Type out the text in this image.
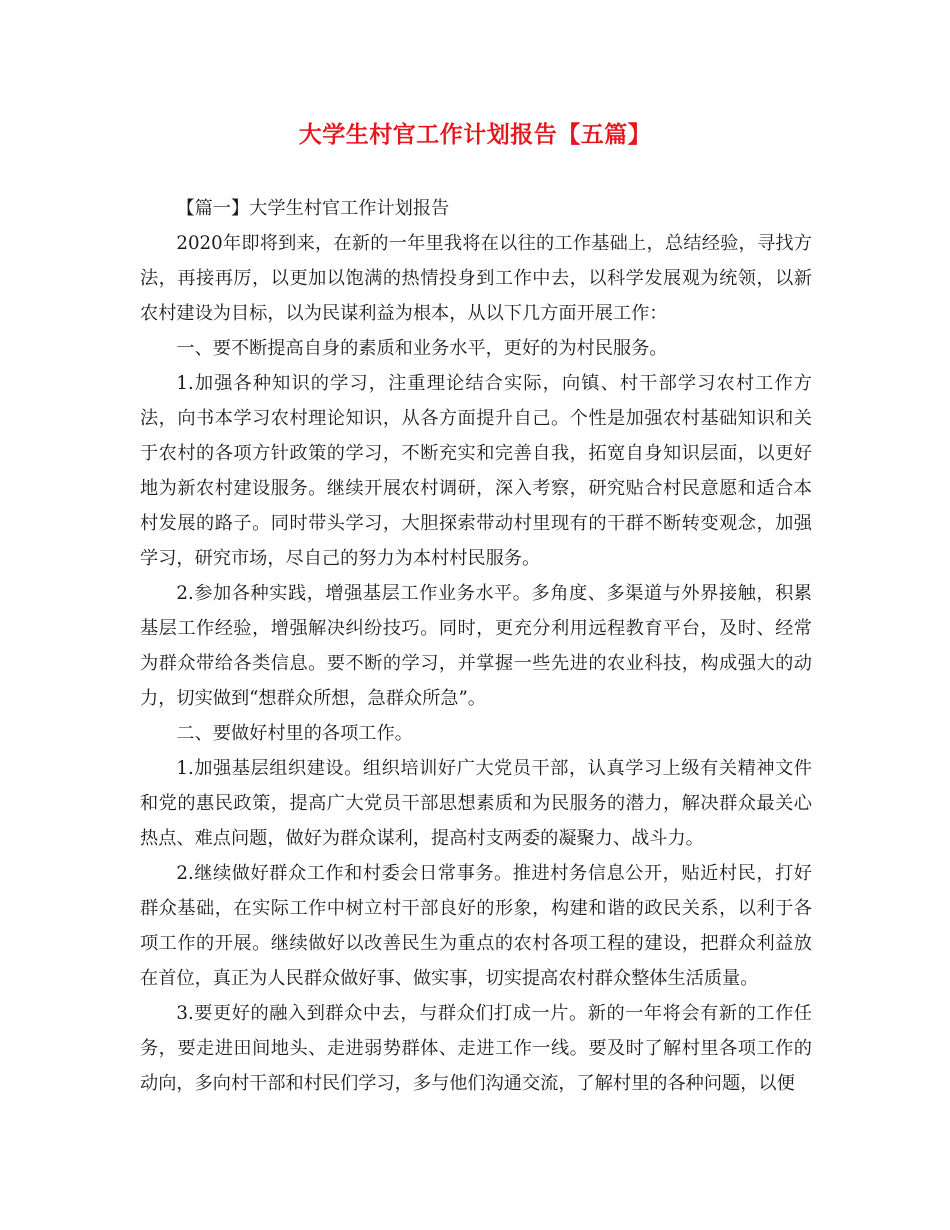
大学生村官工作计划报告【五篇】

【篇一】大学生村官工作计划报告

2020年即将到来，在新的一年里我将在以往的工作基础上，总结经验，寻找方法，再接再厉，以更加以饱满的热情投身到工作中去，以科学发展观为统领，以新农村建设为目标，以为民谋利益为根本，从以下几方面开展工作：

一、要不断提高自身的素质和业务水平，更好的为村民服务。

1.加强各种知识的学习，注重理论结合实际，向镇、村干部学习农村工作方法，向书本学习农村理论知识，从各方面提升自己。个性是加强农村基础知识和关于农村的各项方针政策的学习，不断充实和完善自我，拓宽自身知识层面，以更好地为新农村建设服务。继续开展农村调研，深入考察，研究贴合村民意愿和适合本村发展的路子。同时带头学习，大胆探索带动村里现有的干群不断转变观念，加强学习，研究市场，尽自己的努力为本村村民服务。

2.参加各种实践，增强基层工作业务水平。多角度、多渠道与外界接触，积累基层工作经验，增强解决纠纷技巧。同时，更充分利用远程教育平台，及时、经常为群众带给各类信息。要不断的学习，并掌握一些先进的农业科技，构成强大的动力，切实做到“想群众所想，急群众所急”。

二、要做好村里的各项工作。

1.加强基层组织建设。组织培训好广大党员干部，认真学习上级有关精神文件和党的惠民政策，提高广大党员干部思想素质和为民服务的潜力，解决群众最关心热点、难点问题，做好为群众谋利，提高村支两委的凝聚力、战斗力。

2.继续做好群众工作和村委会日常事务。推进村务信息公开，贴近村民，打好群众基础，在实际工作中树立村干部良好的形象，构建和谐的政民关系，以利于各项工作的开展。继续做好以改善民生为重点的农村各项工程的建设，把群众利益放在首位，真正为人民群众做好事、做实事，切实提高农村群众整体生活质量。

3.要更好的融入到群众中去，与群众们打成一片。新的一年将会有新的工作任务，要走进田间地头、走进弱势群体、走进工作一线。要及时了解村里各项工作的动向，多向村干部和村民们学习，多与他们沟通交流，了解村里的各种问题，以便
